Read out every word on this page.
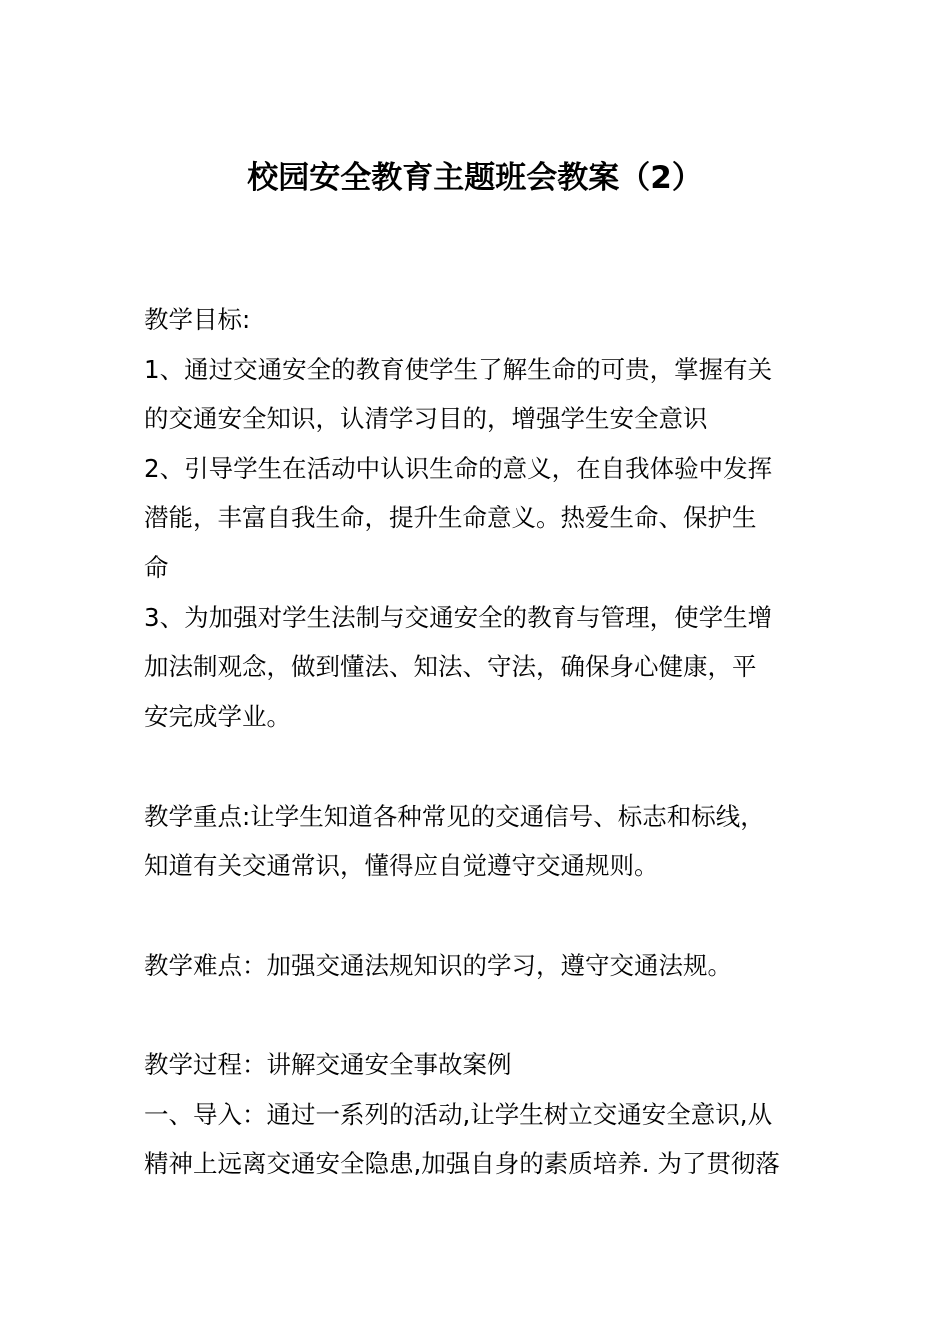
校园安全教育主题班会教案（2）
教学目标:
1、通过交通安全的教育使学生了解生命的可贵，掌握有关
的交通安全知识，认清学习目的，增强学生安全意识
2、引导学生在活动中认识生命的意义，在自我体验中发挥
潜能，丰富自我生命，提升生命意义。热爱生命、保护生
命
3、为加强对学生法制与交通安全的教育与管理，使学生增
加法制观念，做到懂法、知法、守法，确保身心健康，平
安完成学业。
教学重点:让学生知道各种常见的交通信号、标志和标线，
知道有关交通常识，懂得应自觉遵守交通规则。
教学难点：加强交通法规知识的学习，遵守交通法规。
教学过程：讲解交通安全事故案例
一、导入：通过一系列的活动,让学生树立交通安全意识,从
精神上远离交通安全隐患,加强自身的素质培养. 为了贯彻落
